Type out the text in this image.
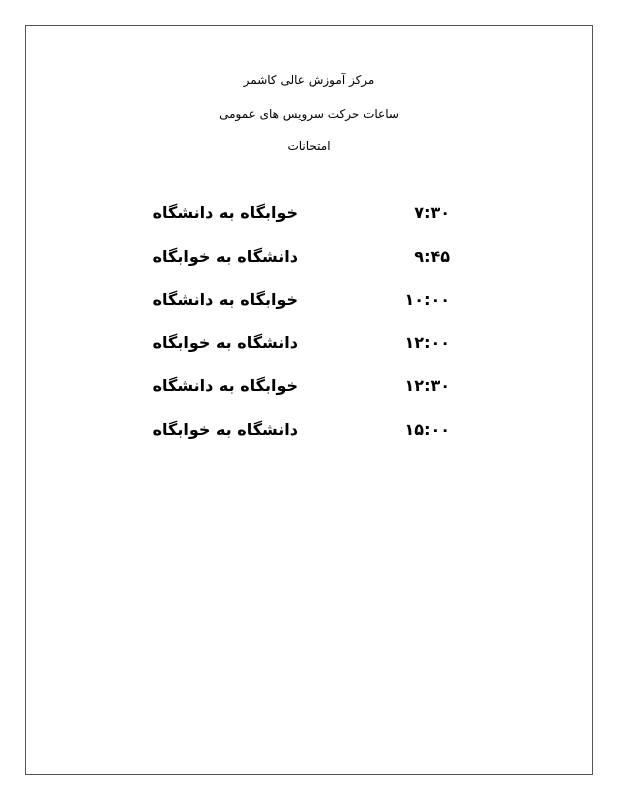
مرکز آموزش عالی کاشمر
ساعات حرکت سرویس های عمومی
امتحانات
خوابگاه به دانشگاه	۷:۳۰
دانشگاه به خوابگاه	۹:۴۵
خوابگاه به دانشگاه	۱۰:۰۰
دانشگاه به خوابگاه	۱۲:۰۰
خوابگاه به دانشگاه	۱۲:۳۰
دانشگاه به خوابگاه	۱۵:۰۰
